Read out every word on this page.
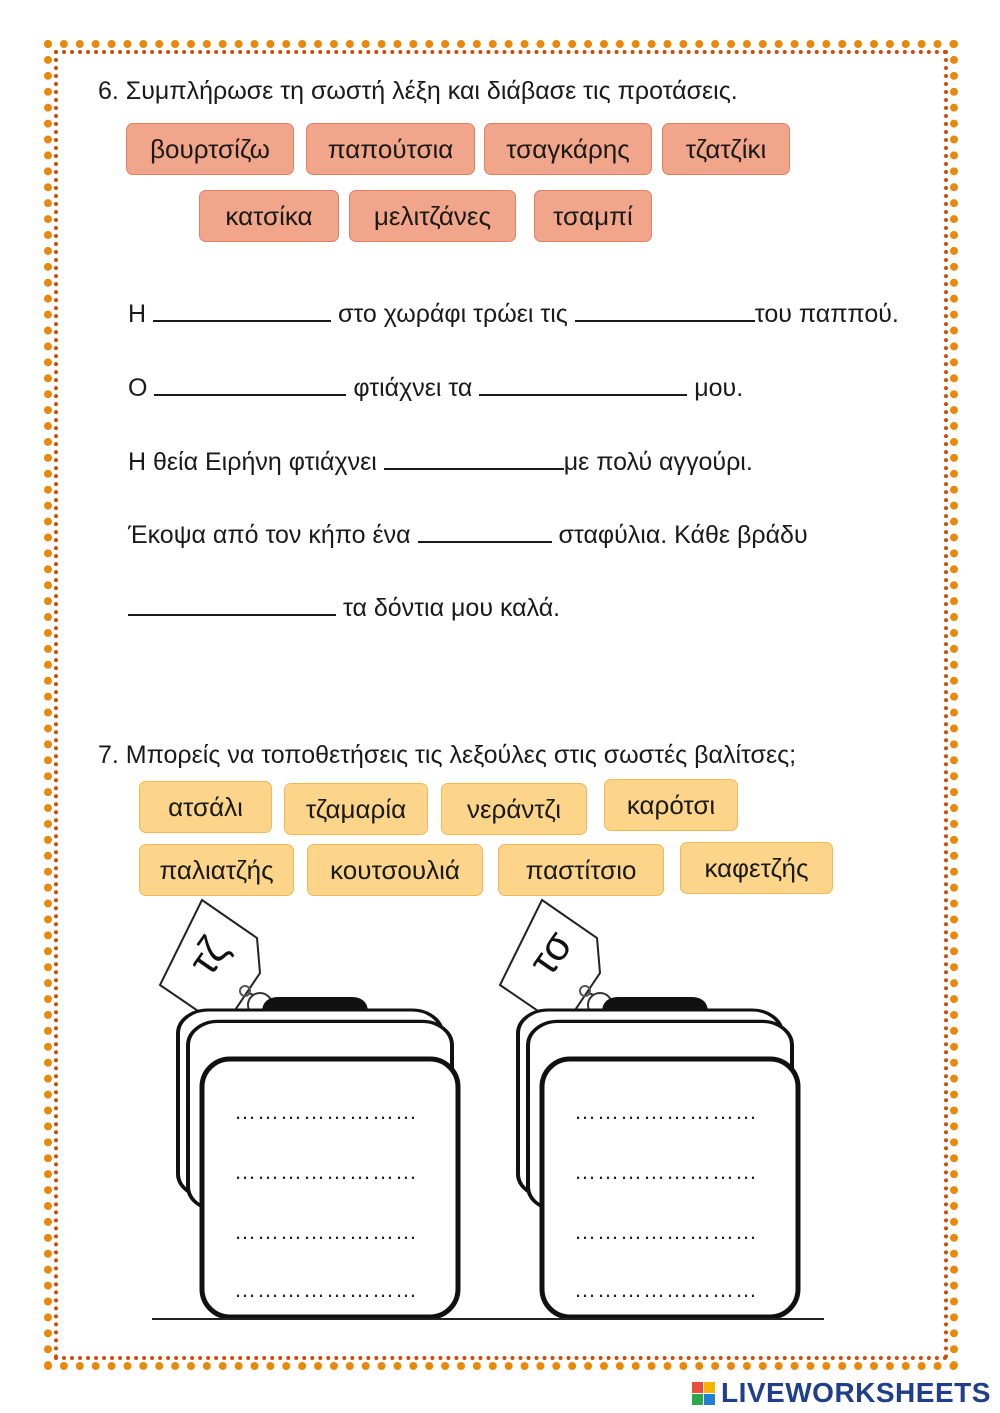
6. Συμπλήρωσε τη σωστή λέξη και διάβασε τις προτάσεις.

βουρτσίζω	παπούτσια	τσαγκάρης	τζατζίκι
κατσίκα	μελιτζάνες	τσαμπί
Η	στο χωράφι τρώει τις	του παππού.
Ο	φτιάχνει τα	μου.
Η θεία Ειρήνη φτιάχνει	με πολύ αγγούρι.
Έκοψα από τον κήπο ένα	σταφύλια. Κάθε βράδυ
τα δόντια μου καλά.

7. Μπορείς να τοποθετήσεις τις λεξούλες στις σωστές βαλίτσες;

ατσάλι	τζαμαρία	νεράντζι	καρότσι
παλιατζής	κουτσουλιά	παστίτσιο	καφετζής
τζ
……………………
……………………
……………………
……………………
τσ
……………………
……………………
……………………
……………………
LIVEWORKSHEETS
